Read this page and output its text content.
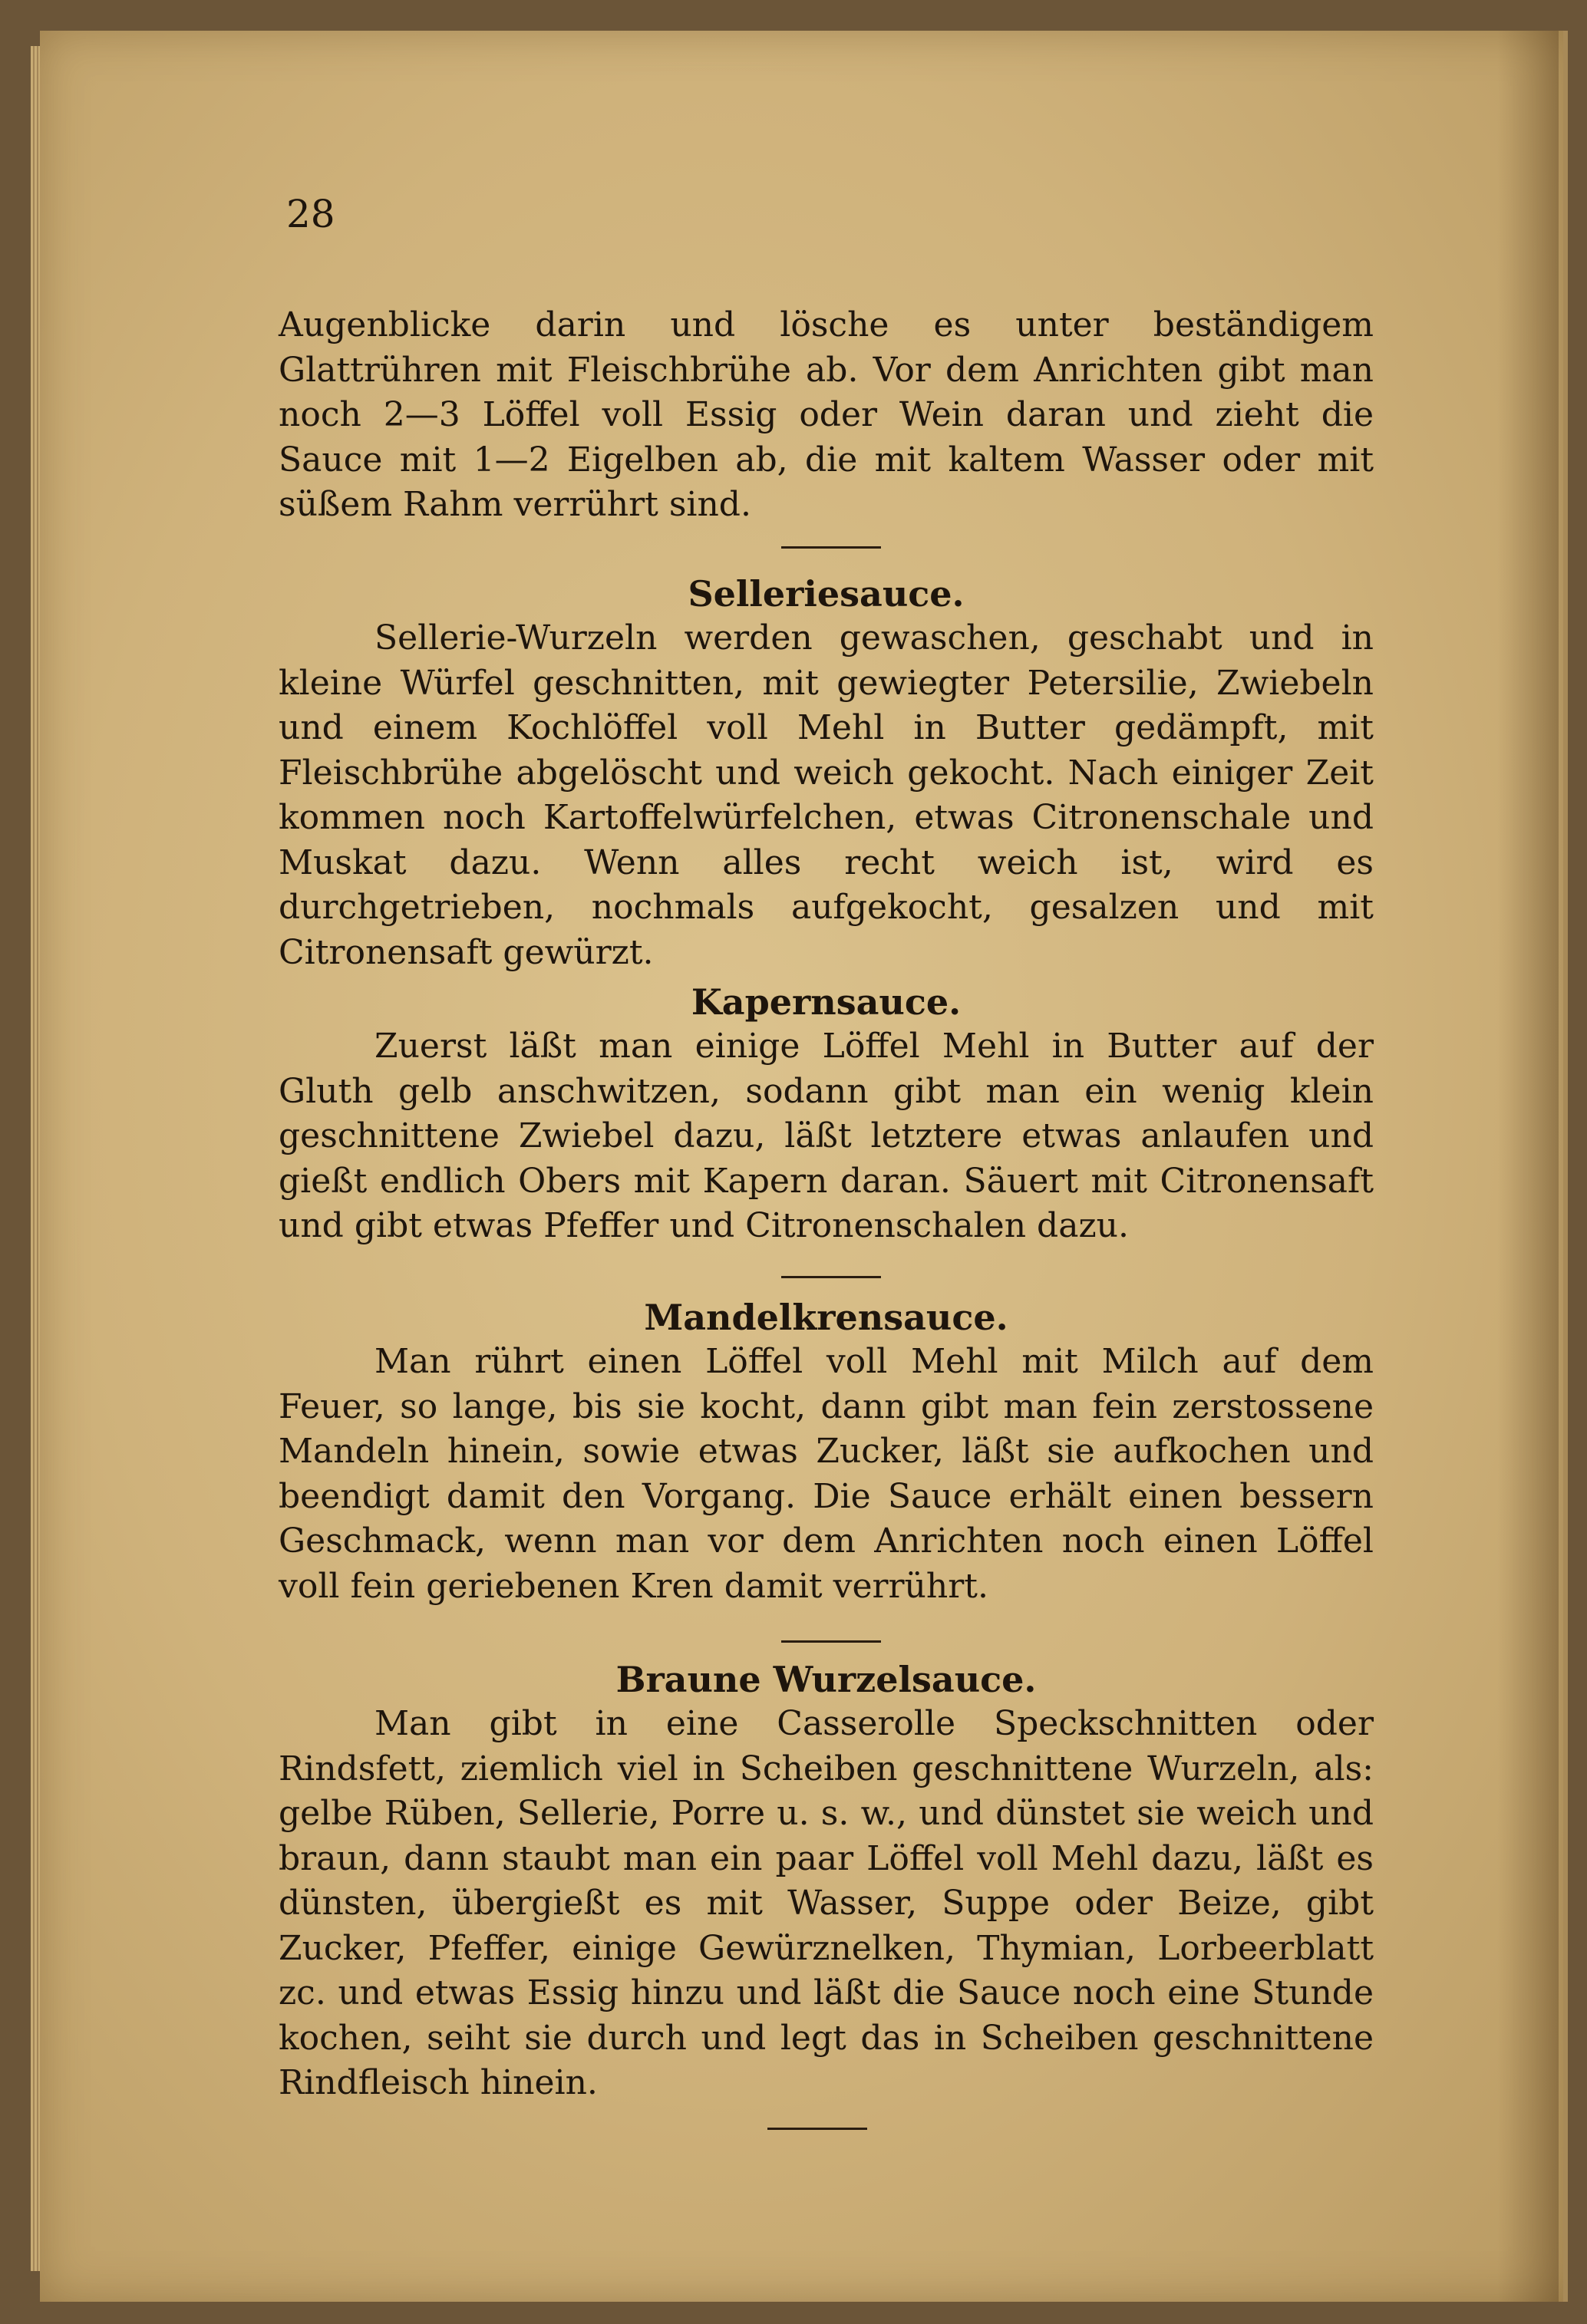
28

Augenblicke darin und lösche es unter beständigem Glattrühren mit Fleischbrühe ab. Vor dem Anrichten gibt man noch 2—3 Löffel voll Essig oder Wein daran und zieht die Sauce mit 1—2 Eigelben ab, die mit kaltem Wasser oder mit süßem Rahm verrührt sind.

Selleriesauce.

Sellerie-Wurzeln werden gewaschen, geschabt und in kleine Würfel geschnitten, mit gewiegter Petersilie, Zwiebeln und einem Kochlöffel voll Mehl in Butter gedämpft, mit Fleischbrühe abgelöscht und weich gekocht. Nach einiger Zeit kommen noch Kartoffelwürfelchen, etwas Citronenschale und Muskat dazu. Wenn alles recht weich ist, wird es durchgetrieben, nochmals aufgekocht, gesalzen und mit Citronensaft gewürzt.

Kapernsauce.

Zuerst läßt man einige Löffel Mehl in Butter auf der Gluth gelb anschwitzen, sodann gibt man ein wenig klein geschnittene Zwiebel dazu, läßt letztere etwas anlaufen und gießt endlich Obers mit Kapern daran. Säuert mit Citronensaft und gibt etwas Pfeffer und Citronenschalen dazu.

Mandelkrensauce.

Man rührt einen Löffel voll Mehl mit Milch auf dem Feuer, so lange, bis sie kocht, dann gibt man fein zerstossene Mandeln hinein, sowie etwas Zucker, läßt sie aufkochen und beendigt damit den Vorgang. Die Sauce erhält einen bessern Geschmack, wenn man vor dem Anrichten noch einen Löffel voll fein geriebenen Kren damit verrührt.

Braune Wurzelsauce.

Man gibt in eine Casserolle Speckschnitten oder Rindsfett, ziemlich viel in Scheiben geschnittene Wurzeln, als: gelbe Rüben, Sellerie, Porre u. s. w., und dünstet sie weich und braun, dann staubt man ein paar Löffel voll Mehl dazu, läßt es dünsten, übergießt es mit Wasser, Suppe oder Beize, gibt Zucker, Pfeffer, einige Gewürznelken, Thymian, Lorbeerblatt zc. und etwas Essig hinzu und läßt die Sauce noch eine Stunde kochen, seiht sie durch und legt das in Scheiben geschnittene Rindfleisch hinein.
